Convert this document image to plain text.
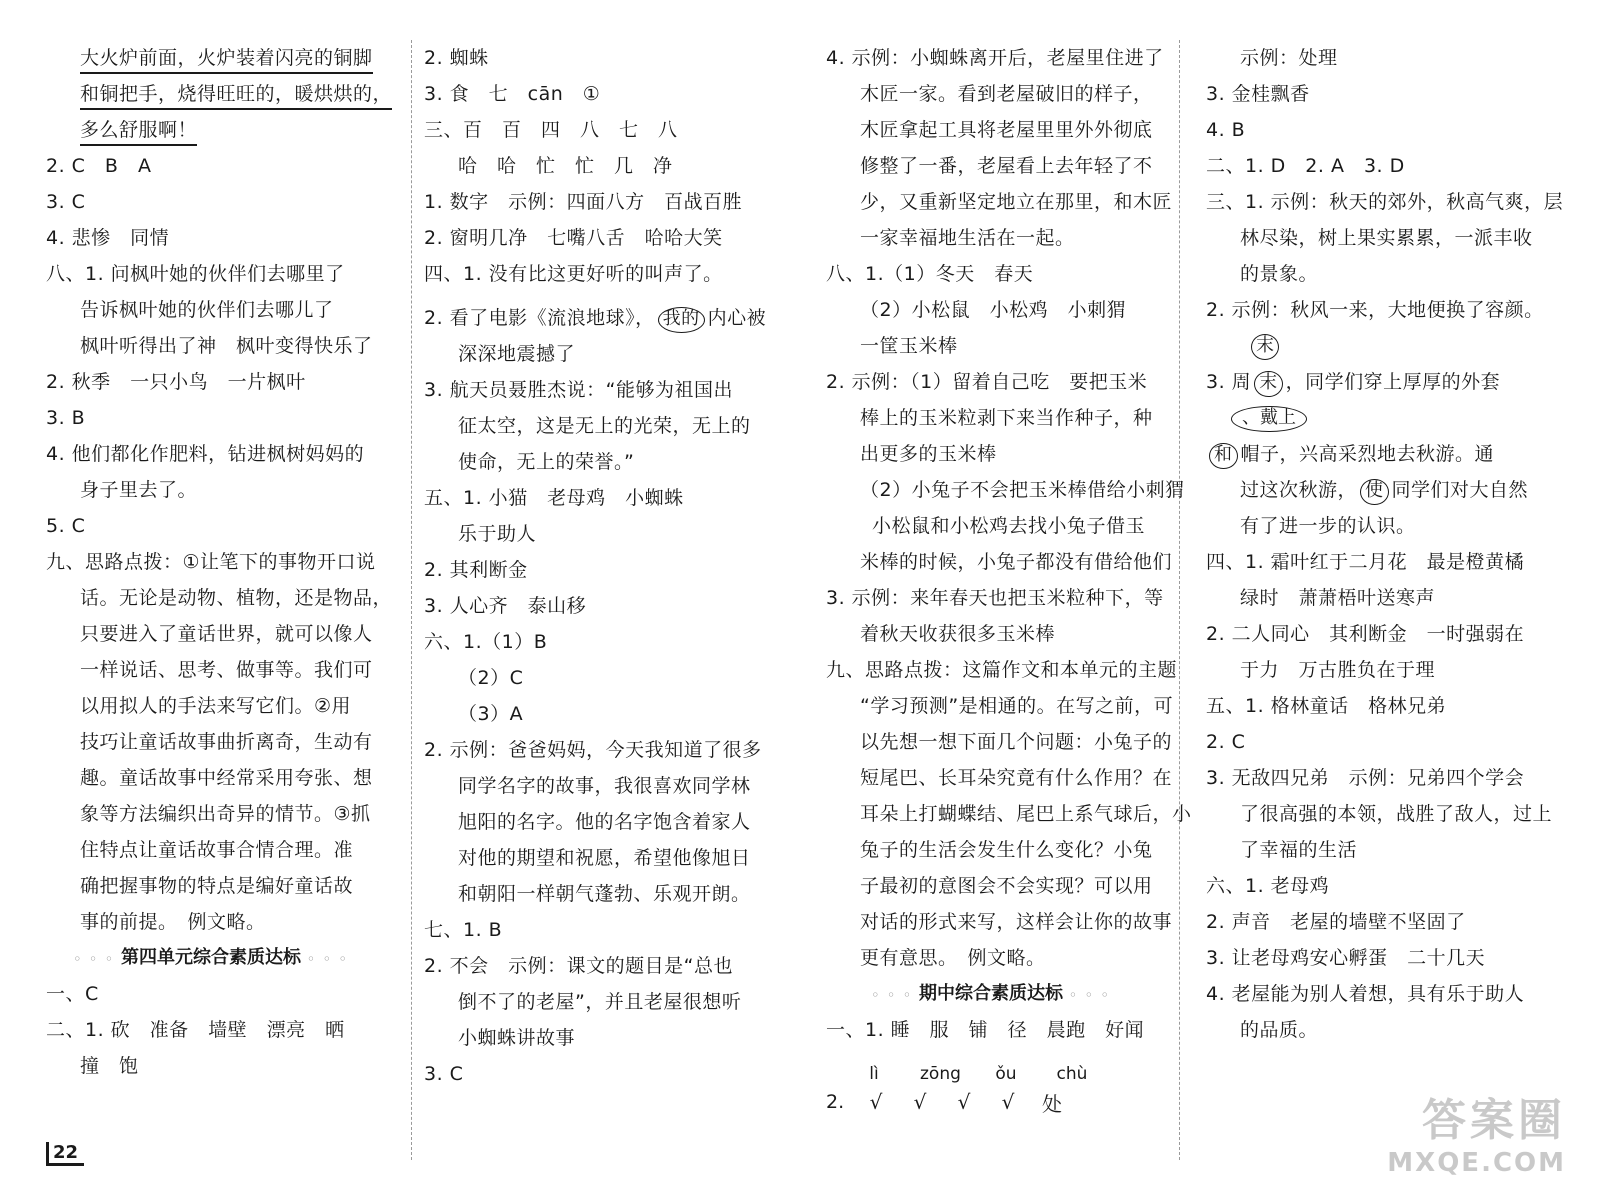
大火炉前面，火炉装着闪亮的铜脚
和铜把手，烧得旺旺的，暖烘烘的，
多么舒服啊！
2. C　B　A
3. C
4. 悲惨　同情
八、1. 问枫叶她的伙伴们去哪里了
告诉枫叶她的伙伴们去哪儿了
枫叶听得出了神　枫叶变得快乐了
2. 秋季　一只小鸟　一片枫叶
3. B
4. 他们都化作肥料，钻进枫树妈妈的
身子里去了。
5. C
九、思路点拨：①让笔下的事物开口说
话。无论是动物、植物，还是物品，
只要进入了童话世界，就可以像人
一样说话、思考、做事等。我们可
以用拟人的手法来写它们。②用
技巧让童话故事曲折离奇，生动有
趣。童话故事中经常采用夸张、想
象等方法编织出奇异的情节。③抓
住特点让童话故事合情合理。准
确把握事物的特点是编好童话故
事的前提。　例文略。
◦ ◦ ◦ 第四单元综合素质达标 ◦ ◦ ◦
一、C
二、1. 砍　准备　墙壁　漂亮　晒
撞　饱
2. 蜘蛛
3. 食　七　cān　①
三、百　百　四　八　七　八
哈　哈　忙　忙　几　净
1. 数字　示例：四面八方　百战百胜
2. 窗明几净　七嘴八舌　哈哈大笑
四、1. 没有比这更好听的叫声了。
2. 看了电影《流浪地球》， 我的 内心被
深深地震撼了
3. 航天员聂胜杰说：“能够为祖国出
征太空，这是无上的光荣，无上的
使命，无上的荣誉。”
五、1. 小猫　老母鸡　小蜘蛛
乐于助人
2. 其利断金
3. 人心齐　泰山移
六、1.（1）B
（2）C
（3）A
2. 示例：爸爸妈妈，今天我知道了很多
同学名字的故事，我很喜欢同学林
旭阳的名字。他的名字饱含着家人
对他的期望和祝愿，希望他像旭日
和朝阳一样朝气蓬勃、乐观开朗。
七、1. B
2. 不会　示例：课文的题目是“总也
倒不了的老屋”，并且老屋很想听
小蜘蛛讲故事
3. C
4. 示例：小蜘蛛离开后，老屋里住进了
木匠一家。看到老屋破旧的样子，
木匠拿起工具将老屋里里外外彻底
修整了一番，老屋看上去年轻了不
少，又重新坚定地立在那里，和木匠
一家幸福地生活在一起。
八、1.（1）冬天　春天
（2）小松鼠　小松鸡　小刺猬
一筐玉米棒
2. 示例：（1）留着自己吃　要把玉米
棒上的玉米粒剥下来当作种子，种
出更多的玉米棒
（2）小兔子不会把玉米棒借给小刺猬
小松鼠和小松鸡去找小兔子借玉
米棒的时候，小兔子都没有借给他们
3. 示例：来年春天也把玉米粒种下，等
着秋天收获很多玉米棒
九、思路点拨：这篇作文和本单元的主题
“学习预测”是相通的。在写之前，可
以先想一想下面几个问题：小兔子的
短尾巴、长耳朵究竟有什么作用？在
耳朵上打蝴蝶结、尾巴上系气球后，小
兔子的生活会发生什么变化？小兔
子最初的意图会不会实现？可以用
对话的形式来写，这样会让你的故事
更有意思。　例文略。
◦ ◦ ◦ 期中综合素质达标 ◦ ◦ ◦
一、1. 睡　服　铺　径　晨跑　好闻
lì	zōng	ǒu	chù
2.	√	√	√	√	处
示例：处理
3. 金桂飘香
4. B
二、1. D　2. A　3. D
三、1. 示例：秋天的郊外，秋高气爽，层
林尽染，树上果实累累，一派丰收
的景象。
2. 示例：秋风一来，大地便换了容颜。
末
3. 周 末 ，同学们穿上厚厚的外套
、戴上
和 帽子，兴高采烈地去秋游。通
过这次秋游， 使 同学们对大自然
有了进一步的认识。
四、1. 霜叶红于二月花　最是橙黄橘
绿时　萧萧梧叶送寒声
2. 二人同心　其利断金　一时强弱在
于力　万古胜负在于理
五、1. 格林童话　格林兄弟
2. C
3. 无敌四兄弟　示例：兄弟四个学会
了很高强的本领，战胜了敌人，过上
了幸福的生活
六、1. 老母鸡
2. 声音　老屋的墙壁不坚固了
3. 让老母鸡安心孵蛋　二十几天
4. 老屋能为别人着想，具有乐于助人
的品质。
22
答案圈
MXQE.COM
